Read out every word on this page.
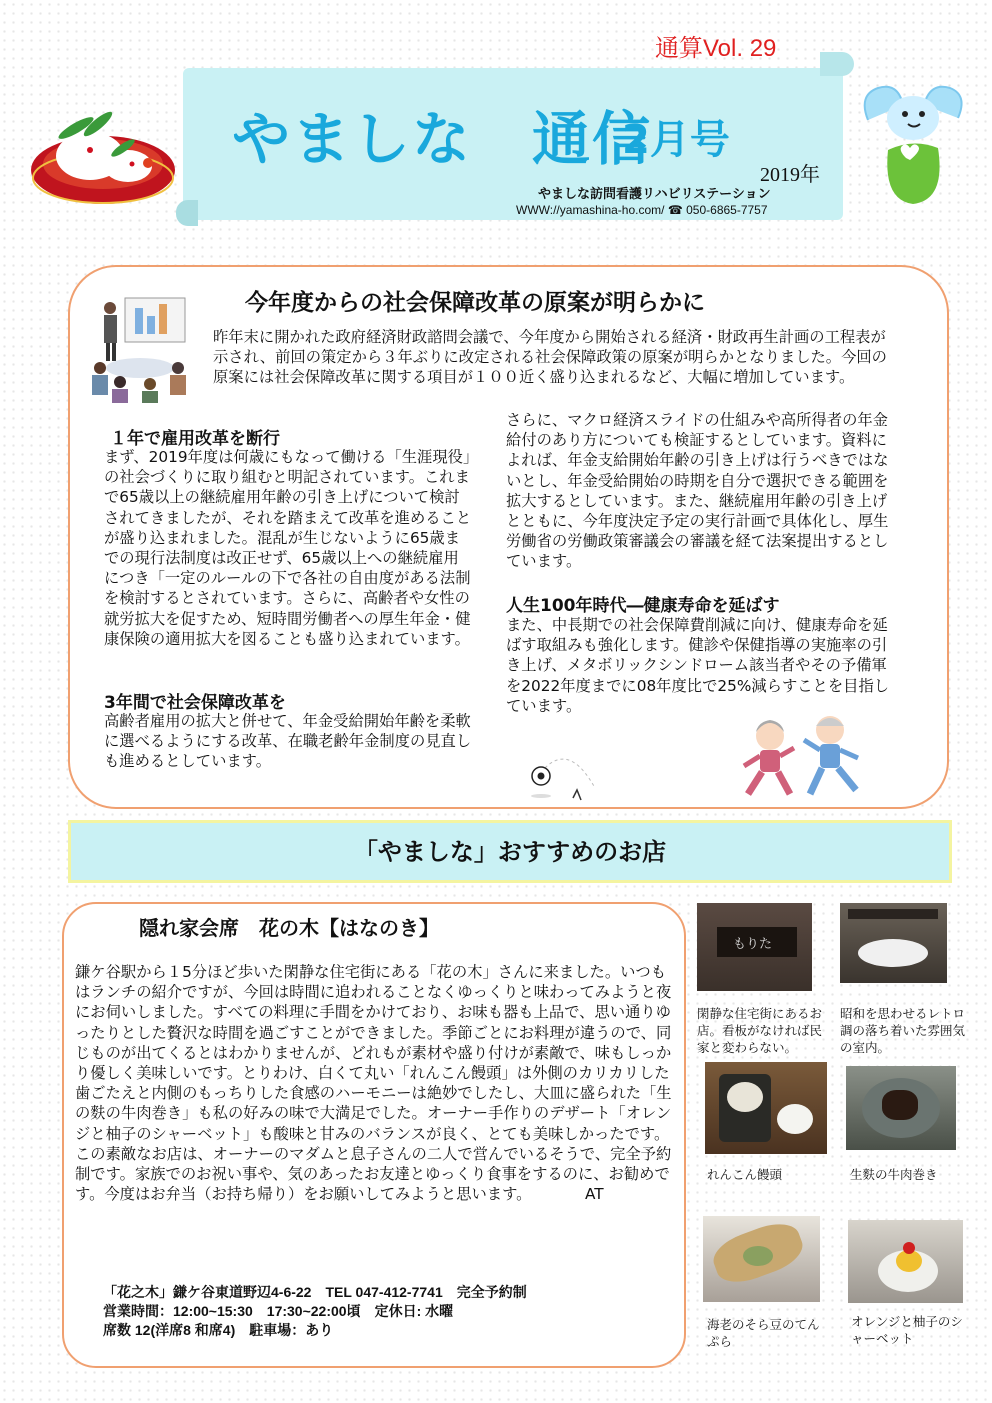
通算Vol. 29
やましな　通信
2月号
2019年
やましな訪問看護リハビリステーション
WWW://yamashina-ho.com/ ☎ 050-6865-7757
今年度からの社会保障改革の原案が明らかに
昨年末に開かれた政府経済財政諮問会議で、今年度から開始される経済・財政再生計画の工程表が示され、前回の策定から３年ぶりに改定される社会保障政策の原案が明らかとなりました。今回の原案には社会保障改革に関する項目が１００近く盛り込まれるなど、大幅に増加しています。
１年で雇用改革を断行
まず、2019年度は何歳にもなって働ける「生涯現役」の社会づくりに取り組むと明記されています。これまで65歳以上の継続雇用年齢の引き上げについて検討されてきましたが、それを踏まえて改革を進めることが盛り込まれました。混乱が生じないように65歳までの現行法制度は改正せず、65歳以上への継続雇用につき「一定のルールの下で各社の自由度がある法制を検討するとされています。さらに、高齢者や女性の就労拡大を促すため、短時間労働者への厚生年金・健康保険の適用拡大を図ることも盛り込まれています。
3年間で社会保障改革を
高齢者雇用の拡大と併せて、年金受給開始年齢を柔軟に選べるようにする改革、在職老齢年金制度の見直しも進めるとしています。
さらに、マクロ経済スライドの仕組みや高所得者の年金給付のあり方についても検証するとしています。資料によれば、年金支給開始年齢の引き上げは行うべきではないとし、年金受給開始の時期を自分で選択できる範囲を拡大するとしています。また、継続雇用年齢の引き上げとともに、今年度決定予定の実行計画で具体化し、厚生労働省の労働政策審議会の審議を経て法案提出するとしています。
人生100年時代―健康寿命を延ばす
また、中長期での社会保障費削減に向け、健康寿命を延ばす取組みも強化します。健診や保健指導の実施率の引き上げ、メタボリックシンドローム該当者やその予備軍を2022年度までに08年度比で25%減らすことを目指しています。
「やましな」おすすめのお店
隠れ家会席　花の木【はなのき】
鎌ケ谷駅から１5分ほど歩いた閑静な住宅街にある「花の木」さんに来ました。いつもはランチの紹介ですが、今回は時間に追われることなくゆっくりと味わってみようと夜にお伺いしました。すべての料理に手間をかけており、お味も器も上品で、思い通りゆったりとした贅沢な時間を過ごすことができました。季節ごとにお料理が違うので、同じものが出てくるとはわかりませんが、どれもが素材や盛り付けが素敵で、味もしっかり優しく美味しいです。とりわけ、白くて丸い「れんこん饅頭」は外側のカリカリした歯ごたえと内側のもっちりした食感のハーモニーは絶妙でしたし、大皿に盛られた「生の麩の牛肉巻き」も私の好みの味で大満足でした。オーナー手作りのデザート「オレンジと柚子のシャーベット」も酸味と甘みのバランスが良く、とても美味しかったです。この素敵なお店は、オーナーのマダムと息子さんの二人で営んでいるそうで、完全予約制です。家族でのお祝い事や、気のあったお友達とゆっくり食事をするのに、お勧めです。今度はお弁当（お持ち帰り）をお願いしてみようと思います。　　　　AT
「花之木」鎌ケ谷東道野辺4-6-22　TEL 047-412-7741　完全予約制
営業時間：12:00~15:30　17:30~22:00頃　定休日: 水曜
席数 12(洋席8 和席4)　駐車場：あり
もりた
閑静な住宅街にあるお店。看板がなければ民家と変わらない。
昭和を思わせるレトロ調の落ち着いた雰囲気の室内。
れんこん饅頭	生麩の牛肉巻き
海老のそら豆のてんぷら
オレンジと柚子のシャーベット
